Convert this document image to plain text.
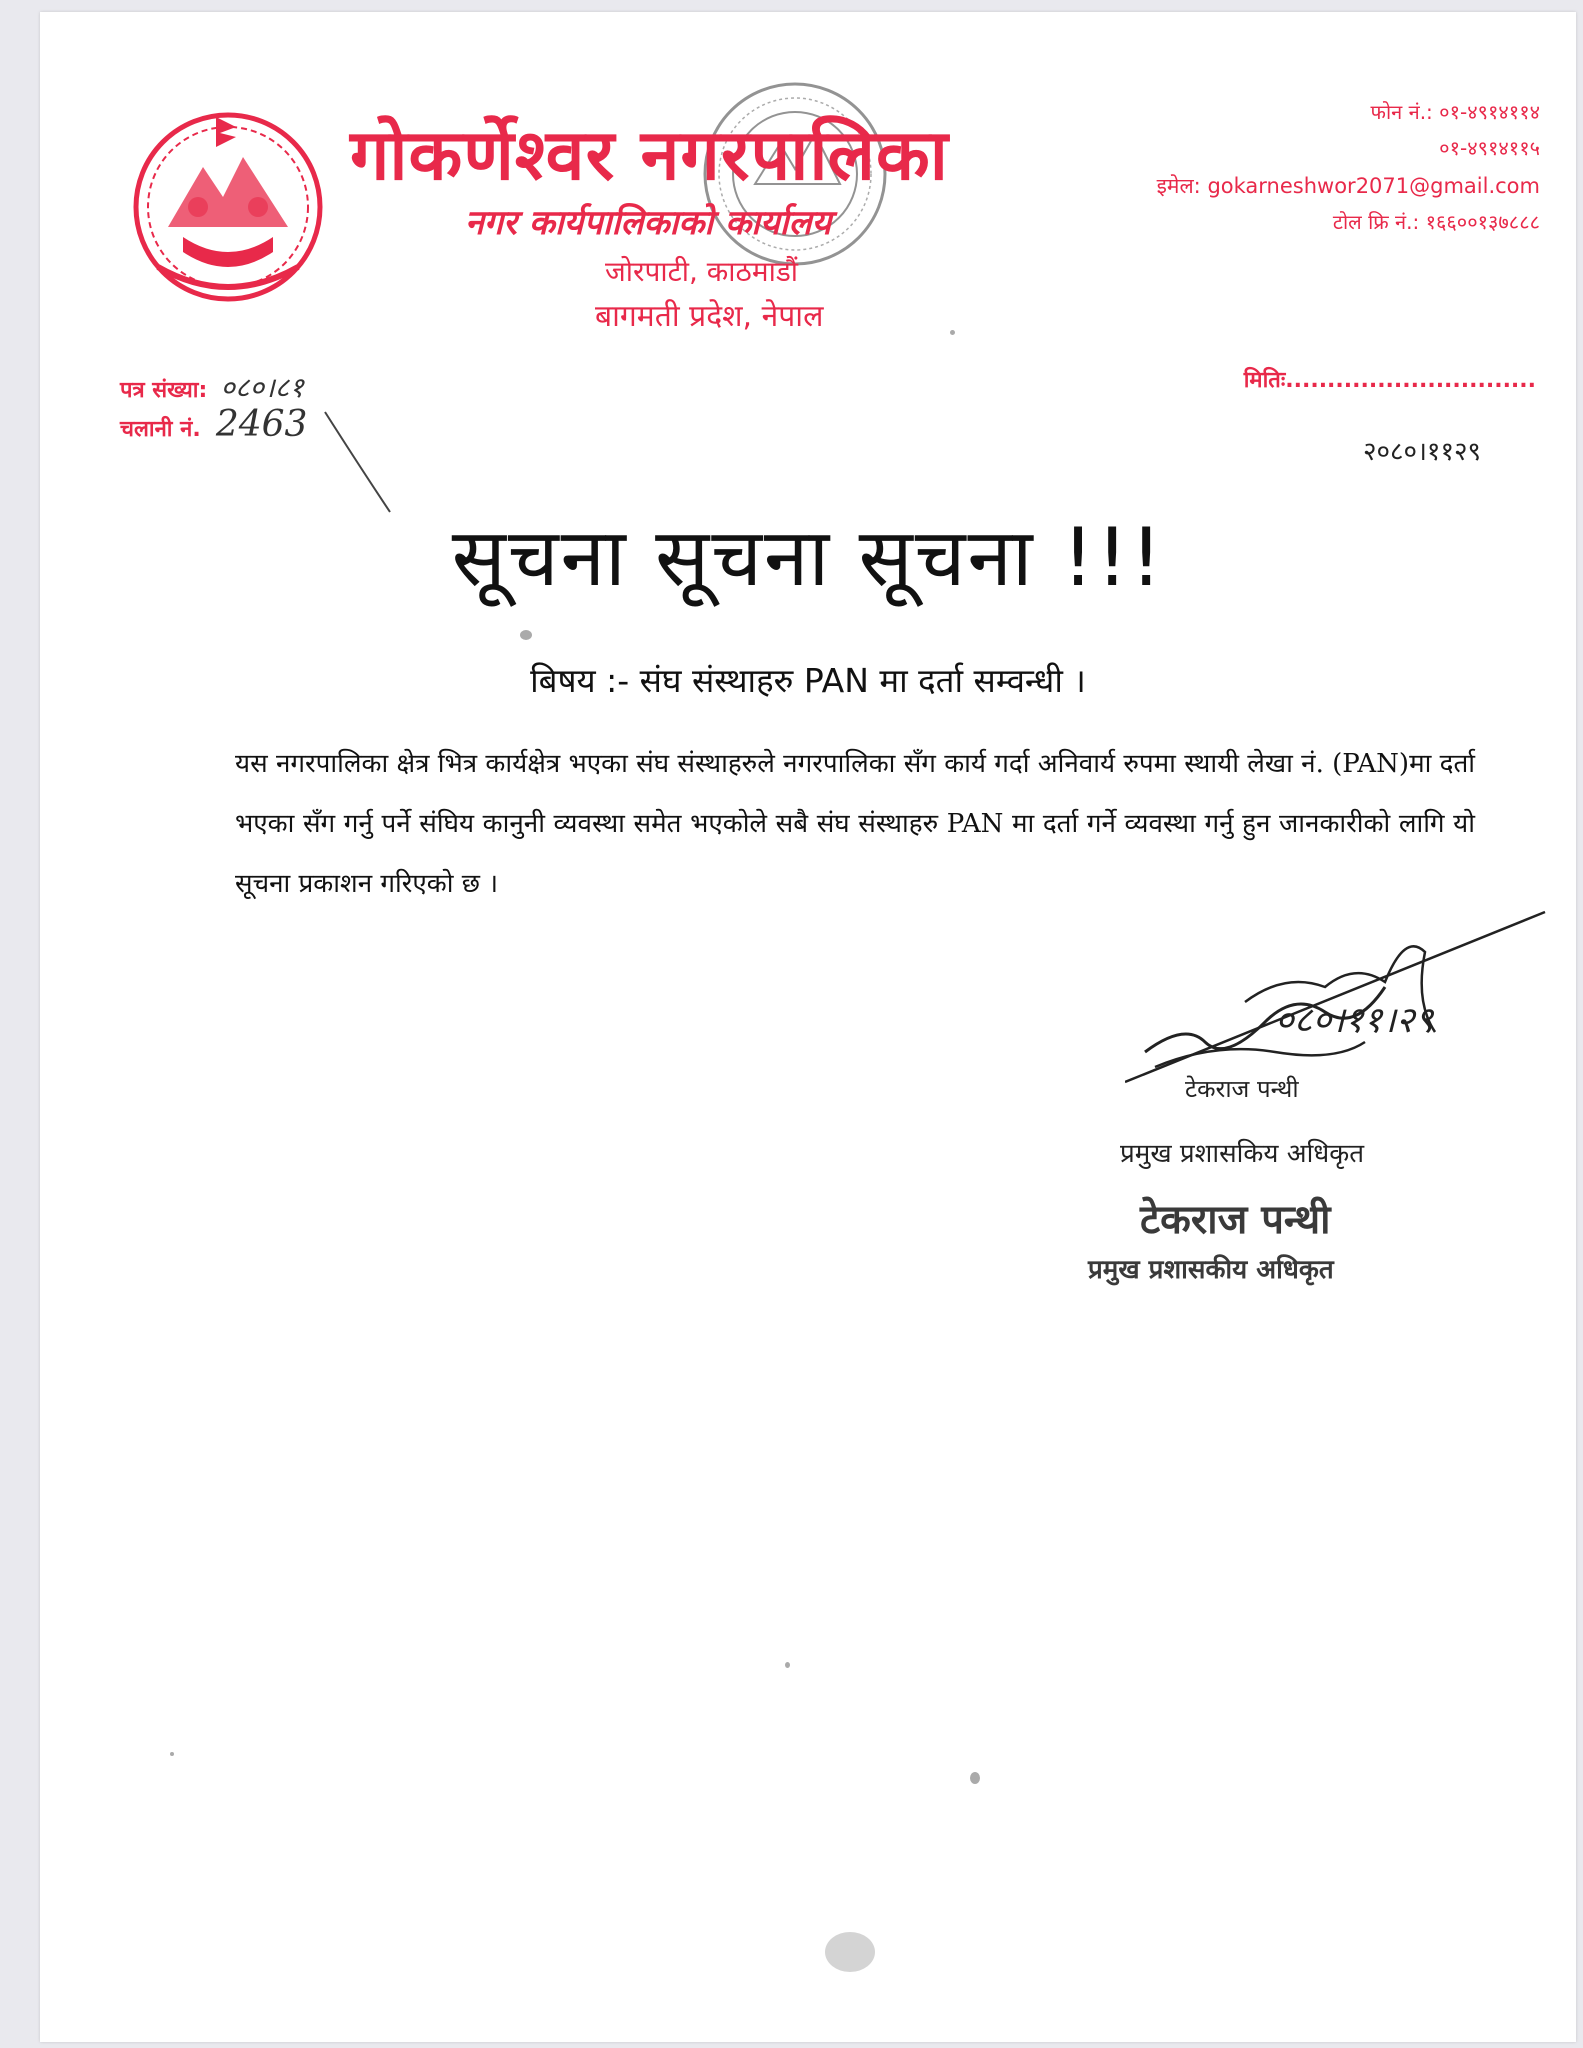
गोकर्णेश्वर नगरपालिका
नगर कार्यपालिकाको कार्यालय
जोरपाटी, काठमाडौं
बागमती प्रदेश, नेपाल
फोन नं.: ०१-४९१४११४
०१-४९१४११५
इमेल: gokarneshwor2071@gmail.com
टोल फ्रि नं.: १६६००१३७८८८
पत्र संख्या: ०८०।८१
चलानी नं. 2463
मितिः..............................
२०८०।११२९
सूचना सूचना सूचना !!!
बिषय :- संघ संस्थाहरु PAN मा दर्ता सम्वन्धी ।
यस नगरपालिका क्षेत्र भित्र कार्यक्षेत्र भएका संघ संस्थाहरुले नगरपालिका सँग कार्य गर्दा अनिवार्य रुपमा स्थायी लेखा नं. (PAN)मा दर्ता भएका सँग गर्नु पर्ने संघिय कानुनी व्यवस्था समेत भएकोले सबै संघ संस्थाहरु PAN मा दर्ता गर्ने व्यवस्था गर्नु हुन जानकारीको लागि यो सूचना प्रकाशन गरिएको छ ।
०८०।११।२९
टेकराज पन्थी
प्रमुख प्रशासकिय अधिकृत
टेकराज पन्थी
प्रमुख प्रशासकीय अधिकृत
